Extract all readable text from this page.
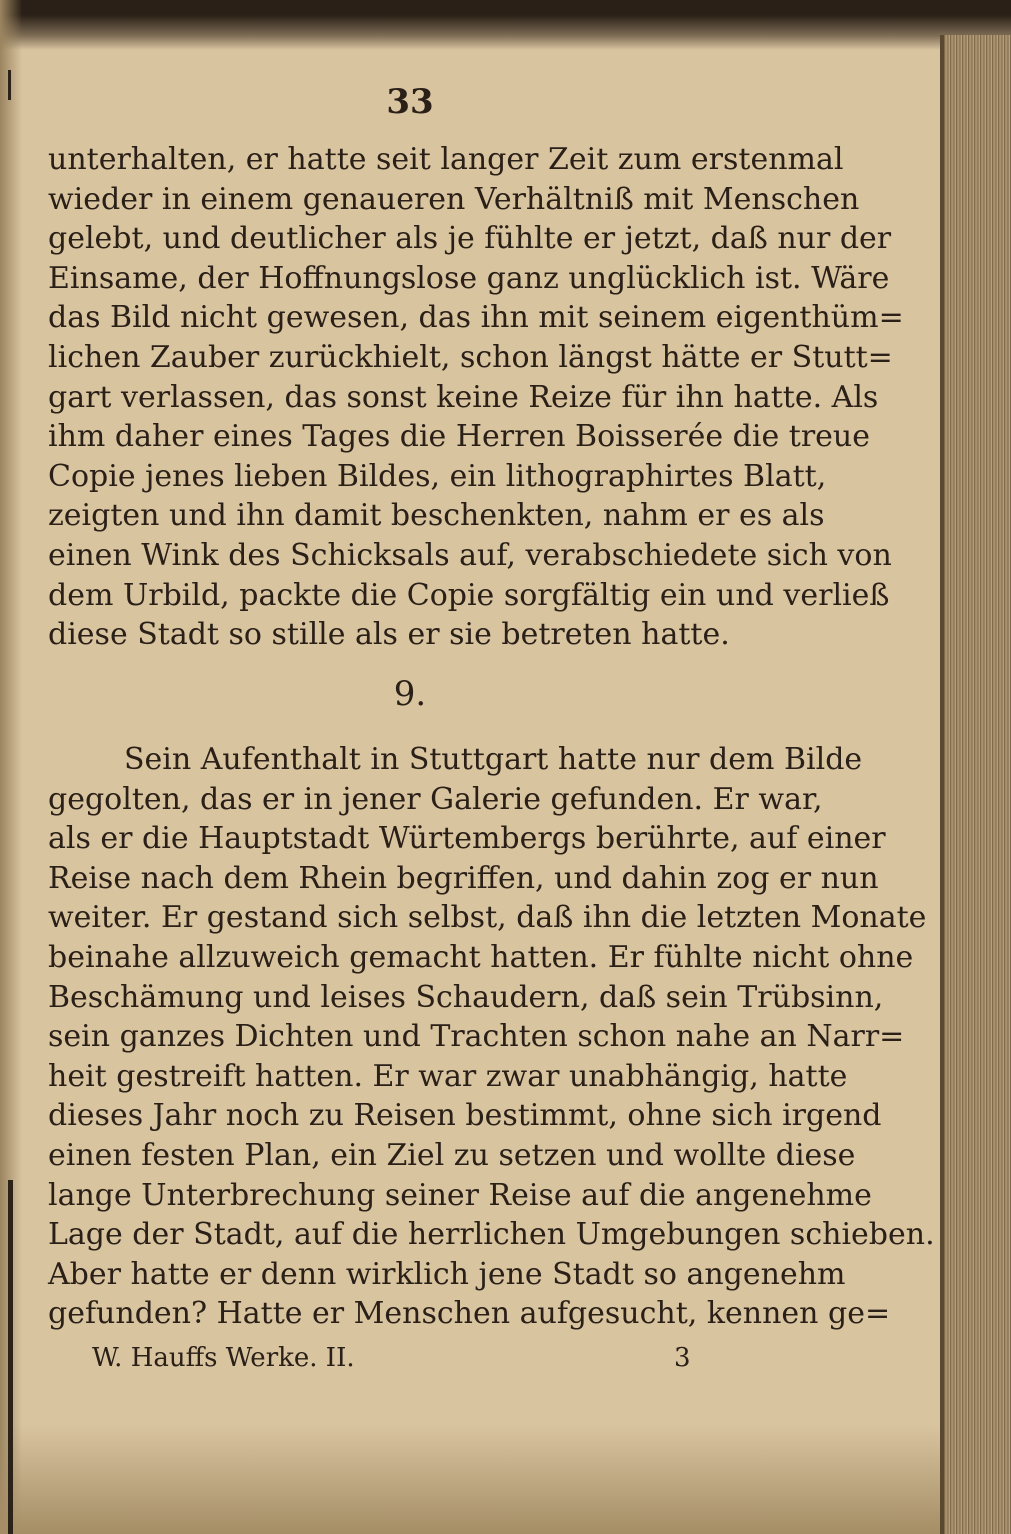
33
unterhalten, er hatte seit langer Zeit zum erstenmal
wieder in einem genaueren Verhältniß mit Menschen
gelebt, und deutlicher als je fühlte er jetzt, daß nur der
Einsame, der Hoffnungslose ganz unglücklich ist. Wäre
das Bild nicht gewesen, das ihn mit seinem eigenthüm=
lichen Zauber zurückhielt, schon längst hätte er Stutt=
gart verlassen, das sonst keine Reize für ihn hatte. Als
ihm daher eines Tages die Herren Boisserée die treue
Copie jenes lieben Bildes, ein lithographirtes Blatt,
zeigten und ihn damit beschenkten, nahm er es als
einen Wink des Schicksals auf, verabschiedete sich von
dem Urbild, packte die Copie sorgfältig ein und verließ
diese Stadt so stille als er sie betreten hatte.
9.
Sein Aufenthalt in Stuttgart hatte nur dem Bilde
gegolten, das er in jener Galerie gefunden. Er war,
als er die Hauptstadt Würtembergs berührte, auf einer
Reise nach dem Rhein begriffen, und dahin zog er nun
weiter. Er gestand sich selbst, daß ihn die letzten Monate
beinahe allzuweich gemacht hatten. Er fühlte nicht ohne
Beschämung und leises Schaudern, daß sein Trübsinn,
sein ganzes Dichten und Trachten schon nahe an Narr=
heit gestreift hatten. Er war zwar unabhängig, hatte
dieses Jahr noch zu Reisen bestimmt, ohne sich irgend
einen festen Plan, ein Ziel zu setzen und wollte diese
lange Unterbrechung seiner Reise auf die angenehme
Lage der Stadt, auf die herrlichen Umgebungen schieben.
Aber hatte er denn wirklich jene Stadt so angenehm
gefunden? Hatte er Menschen aufgesucht, kennen ge=
W. Hauffs Werke. II.	3
